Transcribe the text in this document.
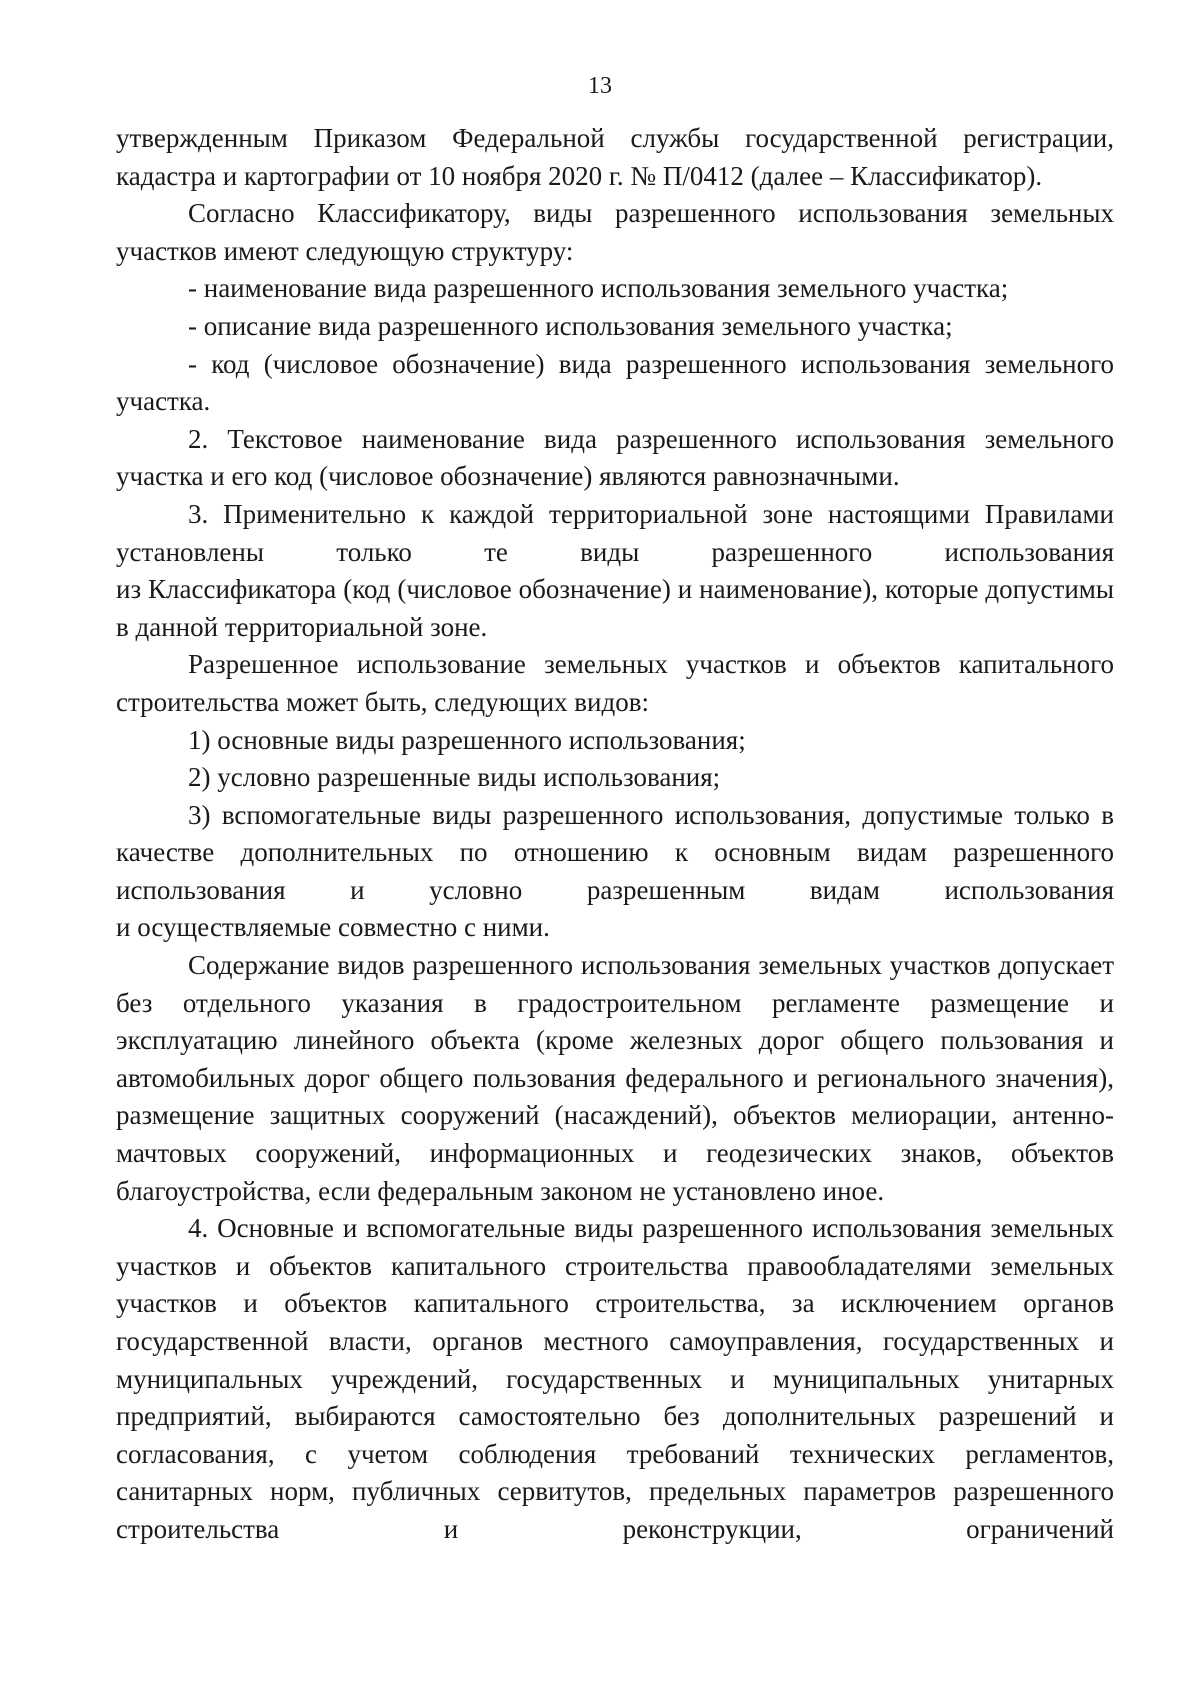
13

утвержденным Приказом Федеральной службы государственной регистрации, кадастра и картографии от 10 ноября 2020 г. № П/0412 (далее – Классификатор).

Согласно Классификатору, виды разрешенного использования земельных участков имеют следующую структуру:

- наименование вида разрешенного использования земельного участка;

- описание вида разрешенного использования земельного участка;

- код (числовое обозначение) вида разрешенного использования земельного участка.

2. Текстовое наименование вида разрешенного использования земельного участка и его код (числовое обозначение) являются равнозначными.

3. Применительно к каждой территориальной зоне настоящими Правилами установлены только те виды разрешенного использования

из Классификатора (код (числовое обозначение) и наименование), которые допустимы в данной территориальной зоне.

Разрешенное использование земельных участков и объектов капитального строительства может быть, следующих видов:

1) основные виды разрешенного использования;

2) условно разрешенные виды использования;

3) вспомогательные виды разрешенного использования, допустимые только в качестве дополнительных по отношению к основным видам разрешенного использования и условно разрешенным видам использования

и осуществляемые совместно с ними.

Содержание видов разрешенного использования земельных участков допускает без отдельного указания в градостроительном регламенте размещение и эксплуатацию линейного объекта (кроме железных дорог общего пользования и автомобильных дорог общего пользования федерального и регионального значения), размещение защитных сооружений (насаждений), объектов мелиорации, антенно-мачтовых сооружений, информационных и геодезических знаков, объектов благоустройства, если федеральным законом не установлено иное.

4. Основные и вспомогательные виды разрешенного использования земельных участков и объектов капитального строительства правообладателями земельных участков и объектов капитального строительства, за исключением органов государственной власти, органов местного самоуправления, государственных и муниципальных учреждений, государственных и муниципальных унитарных предприятий, выбираются самостоятельно без дополнительных разрешений и согласования, с учетом соблюдения требований технических регламентов, санитарных норм, публичных сервитутов, предельных параметров разрешенного строительства и реконструкции, ограничений
